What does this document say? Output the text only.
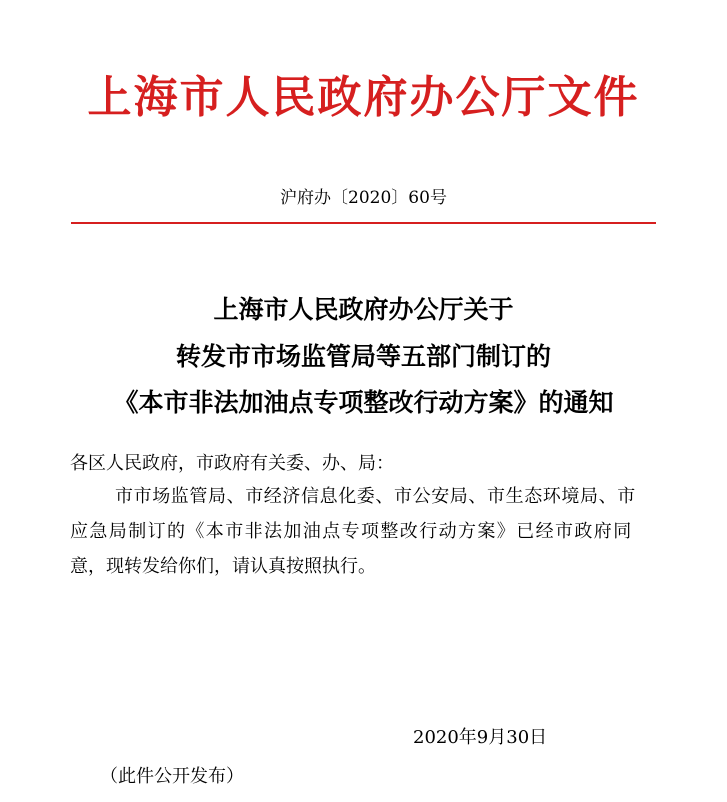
上海市人民政府办公厅文件
沪府办〔2020〕60号
上海市人民政府办公厅关于
转发市市场监管局等五部门制订的
《本市非法加油点专项整改行动方案》的通知
各区人民政府，市政府有关委、办、局：
市市场监管局、市经济信息化委、市公安局、市生态环境局、市
应急局制订的《本市非法加油点专项整改行动方案》已经市政府同
意，现转发给你们，请认真按照执行。
2020年9月30日
（此件公开发布）
